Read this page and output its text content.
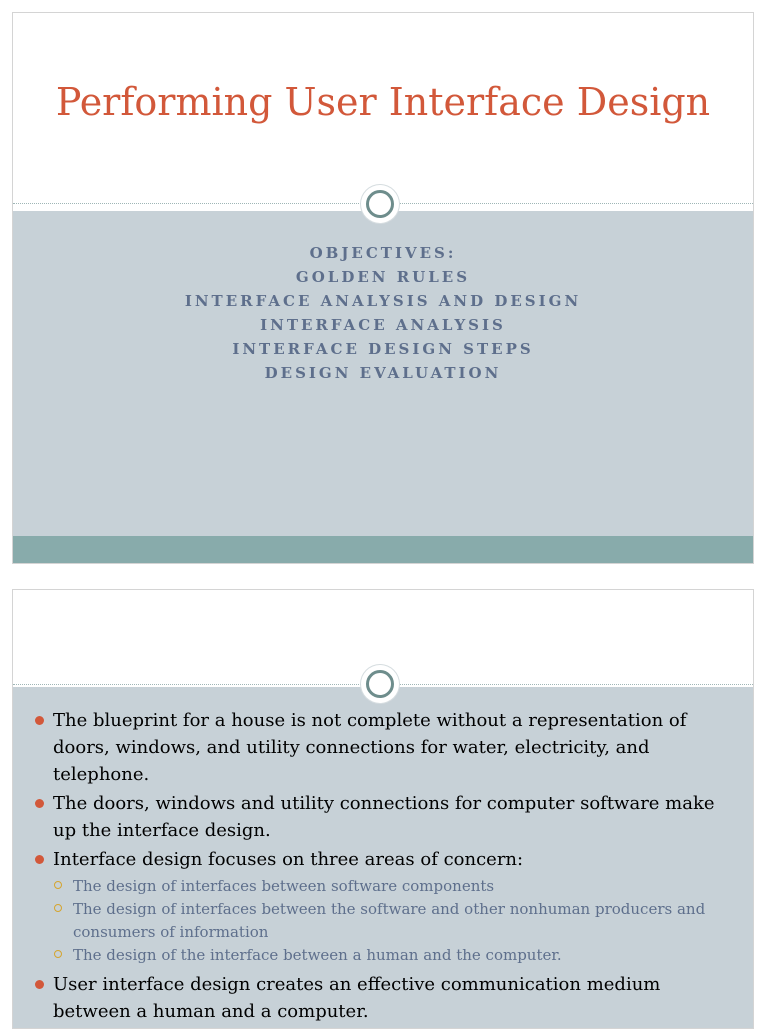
Performing User Interface Design
OBJECTIVES:
GOLDEN RULES
INTERFACE ANALYSIS AND DESIGN
INTERFACE ANALYSIS
INTERFACE DESIGN STEPS
DESIGN EVALUATION
The blueprint for a house is not complete without a representation of doors, windows, and utility connections for water, electricity, and telephone.
The doors, windows and utility connections for computer software make up the interface design.
Interface design focuses on three areas of concern:
The design of interfaces between software components
The design of interfaces between the software and other nonhuman producers and consumers of information
The design of the interface between a human and the computer.
User interface design creates an effective communication medium between a human and a computer.
